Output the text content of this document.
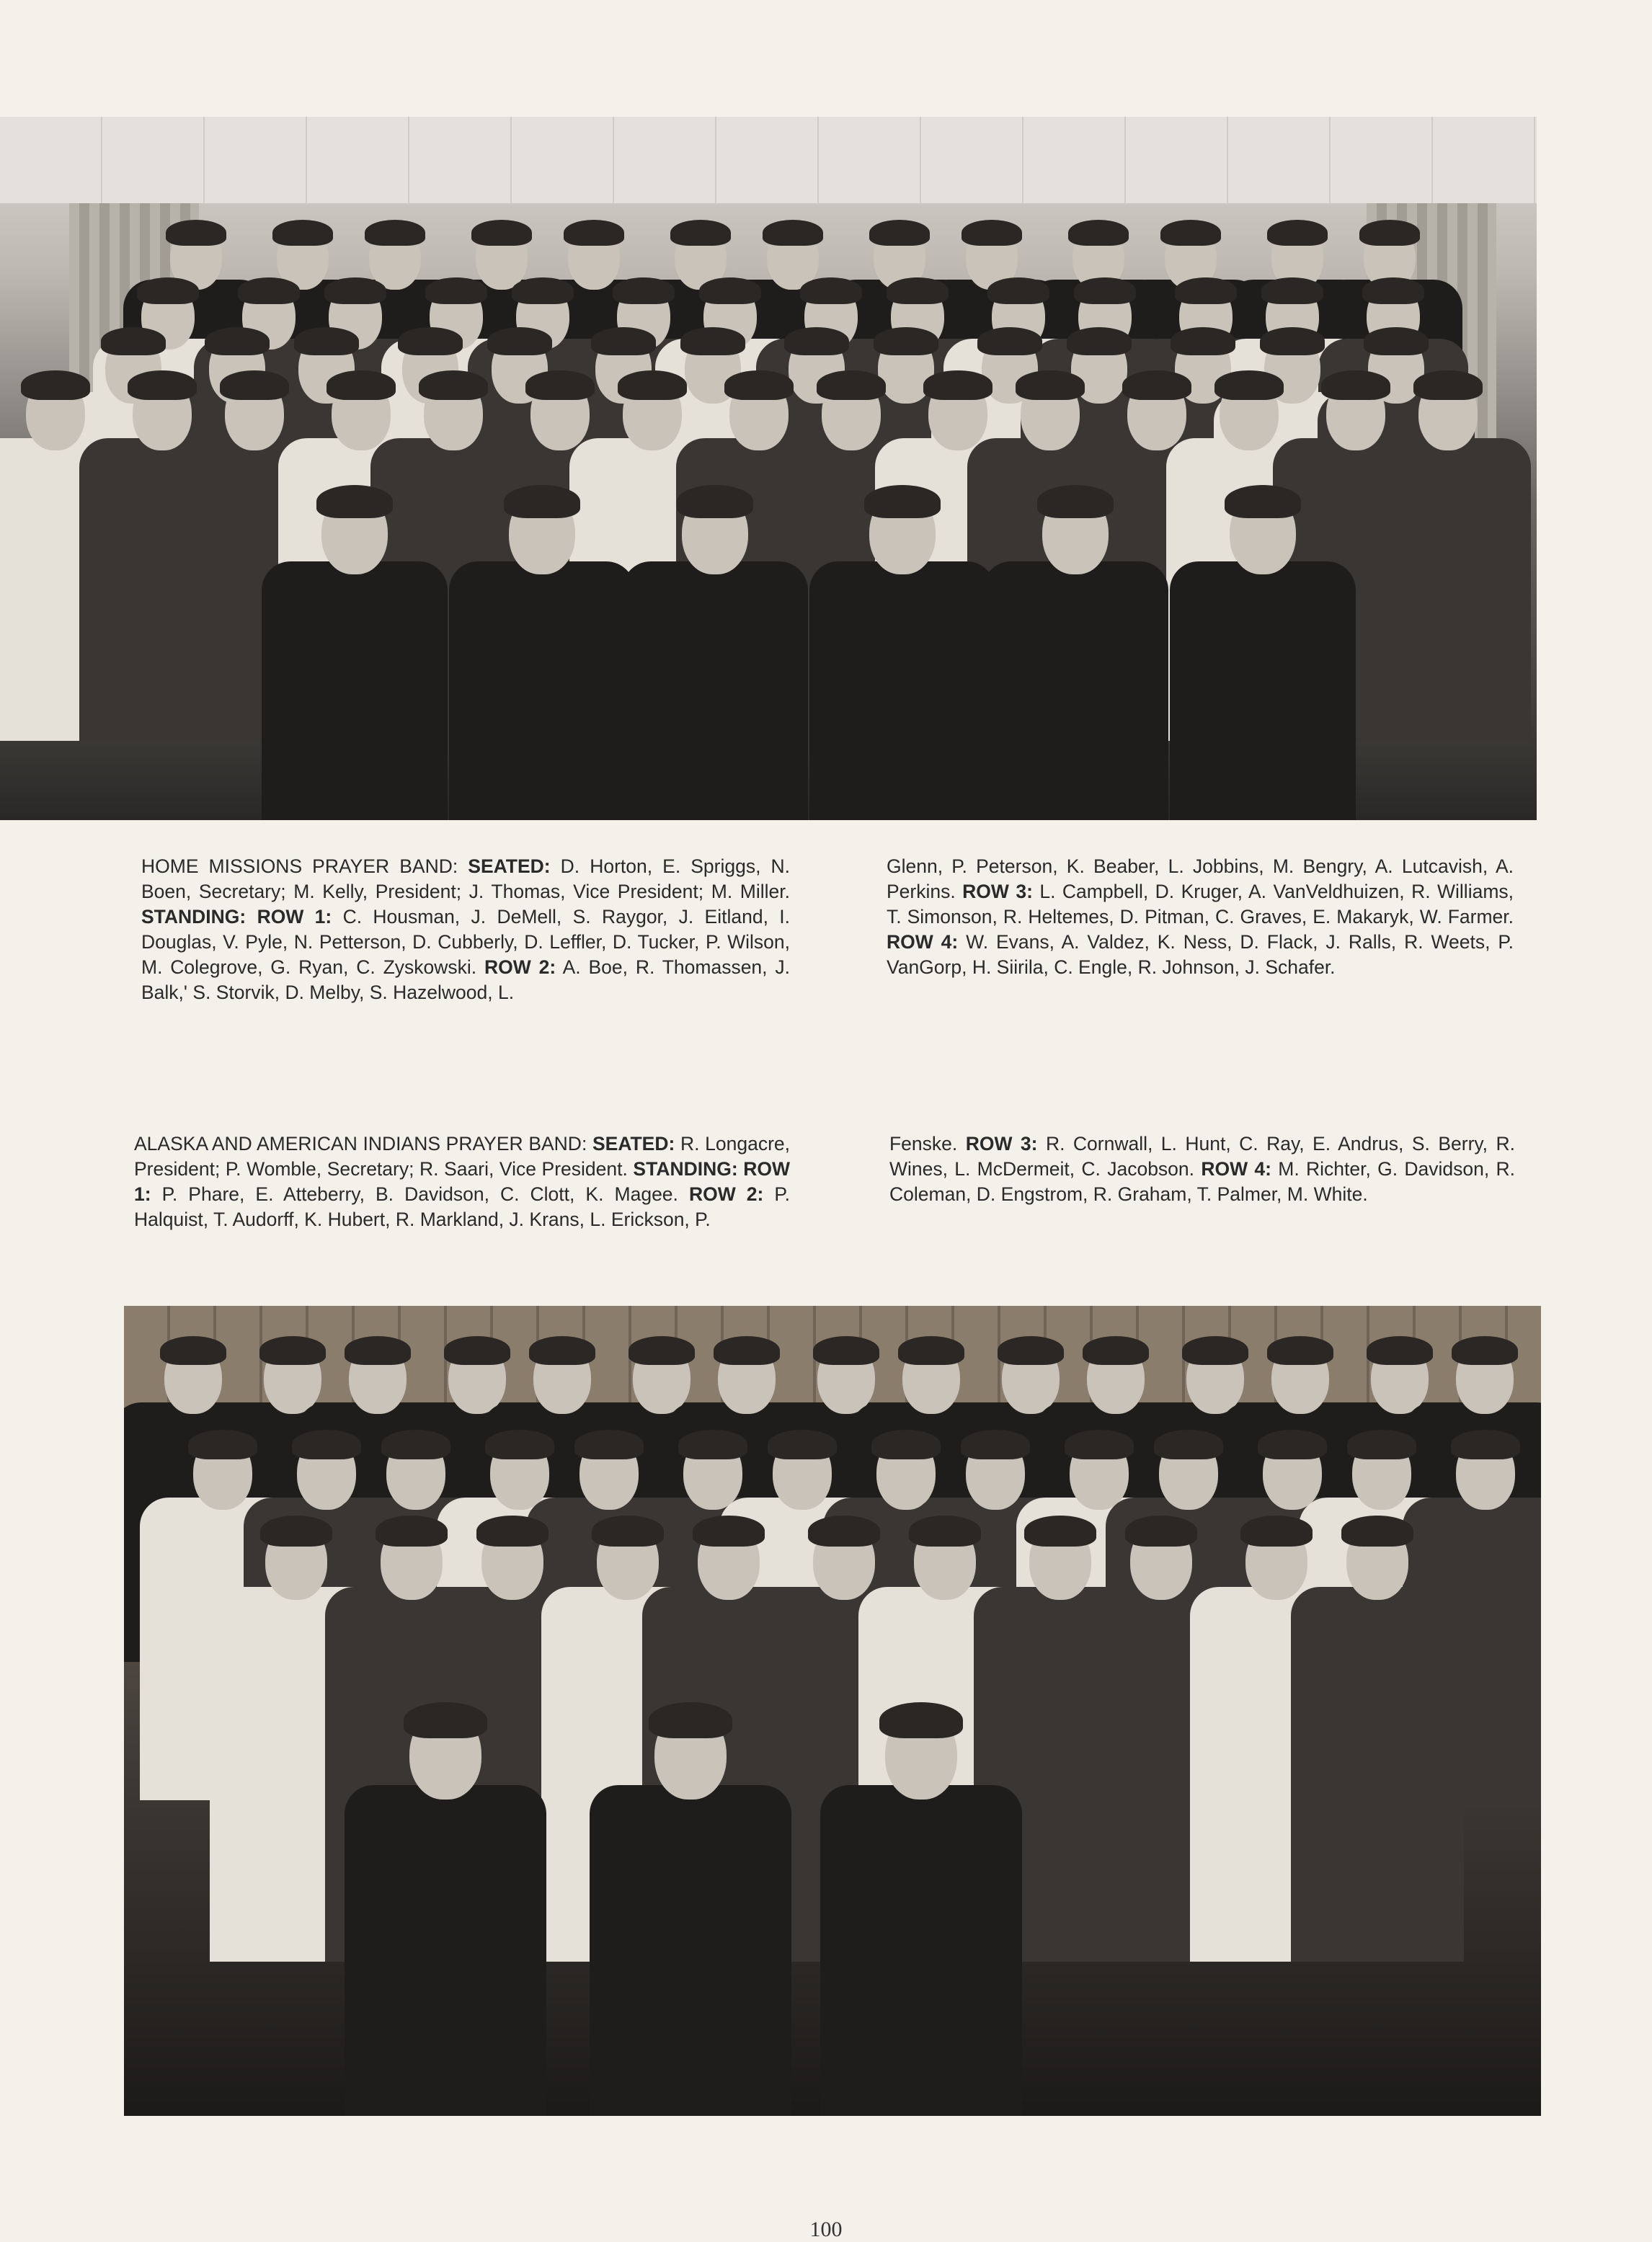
HOME MISSIONS PRAYER BAND: SEATED: D. Horton, E. Spriggs, N. Boen, Secretary; M. Kelly, President; J. Thomas, Vice President; M. Miller. STANDING: ROW 1: C. Housman, J. DeMell, S. Raygor, J. Eitland, I. Douglas, V. Pyle, N. Petterson, D. Cubberly, D. Leffler, D. Tucker, P. Wilson, M. Colegrove, G. Ryan, C. Zyskowski. ROW 2: A. Boe, R. Thomassen, J. Balk,' S. Storvik, D. Melby, S. Hazelwood, L.

Glenn, P. Peterson, K. Beaber, L. Jobbins, M. Bengry, A. Lutcavish, A. Perkins. ROW 3: L. Campbell, D. Kruger, A. VanVeldhuizen, R. Williams, T. Simonson, R. Heltemes, D. Pitman, C. Graves, E. Makaryk, W. Farmer. ROW 4: W. Evans, A. Valdez, K. Ness, D. Flack, J. Ralls, R. Weets, P. VanGorp, H. Siirila, C. Engle, R. Johnson, J. Schafer.

ALASKA AND AMERICAN INDIANS PRAYER BAND: SEATED: R. Longacre, President; P. Womble, Secretary; R. Saari, Vice President. STANDING: ROW 1: P. Phare, E. Atteberry, B. Davidson, C. Clott, K. Magee. ROW 2: P. Halquist, T. Audorff, K. Hubert, R. Markland, J. Krans, L. Erickson, P.

Fenske. ROW 3: R. Cornwall, L. Hunt, C. Ray, E. Andrus, S. Berry, R. Wines, L. McDermeit, C. Jacobson. ROW 4: M. Richter, G. Davidson, R. Coleman, D. Engstrom, R. Graham, T. Palmer, M. White.

100
